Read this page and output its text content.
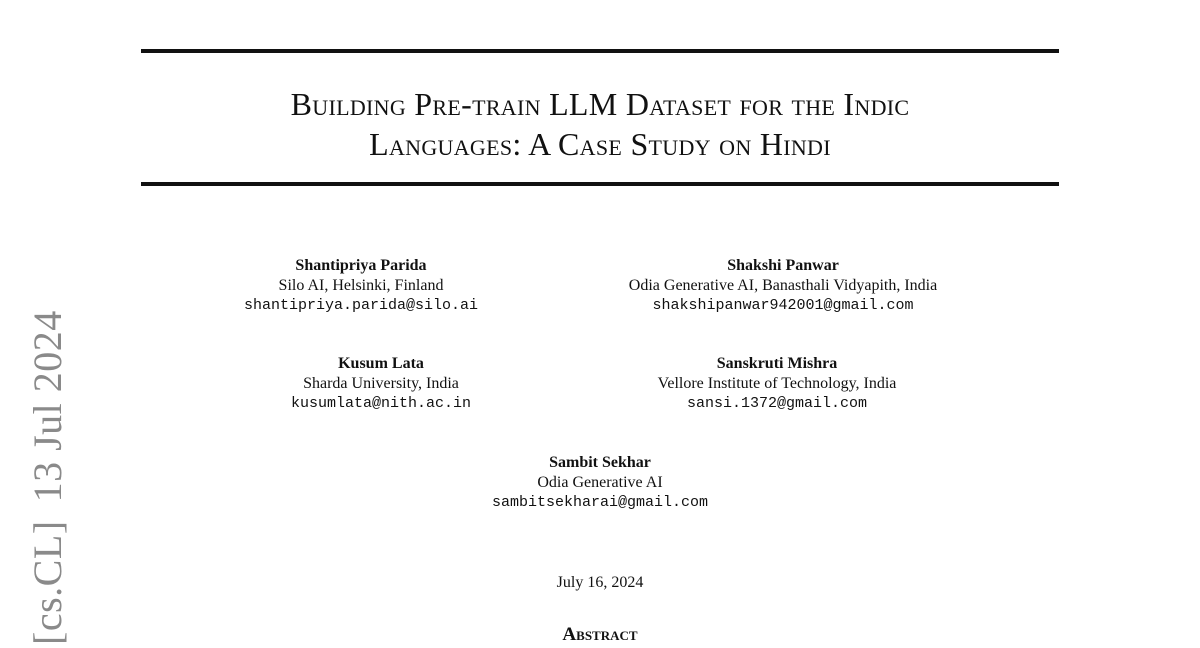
Building Pre-train LLM Dataset for the Indic
Languages: A Case Study on Hindi
Shantipriya Parida
Silo AI, Helsinki, Finland
shantipriya.parida@silo.ai
Shakshi Panwar
Odia Generative AI, Banasthali Vidyapith, India
shakshipanwar942001@gmail.com
Kusum Lata
Sharda University, India
kusumlata@nith.ac.in
Sanskruti Mishra
Vellore Institute of Technology, India
sansi.1372@gmail.com
Sambit Sekhar
Odia Generative AI
sambitsekharai@gmail.com
July 16, 2024
Abstract
[cs.CL]13 Jul 2024
